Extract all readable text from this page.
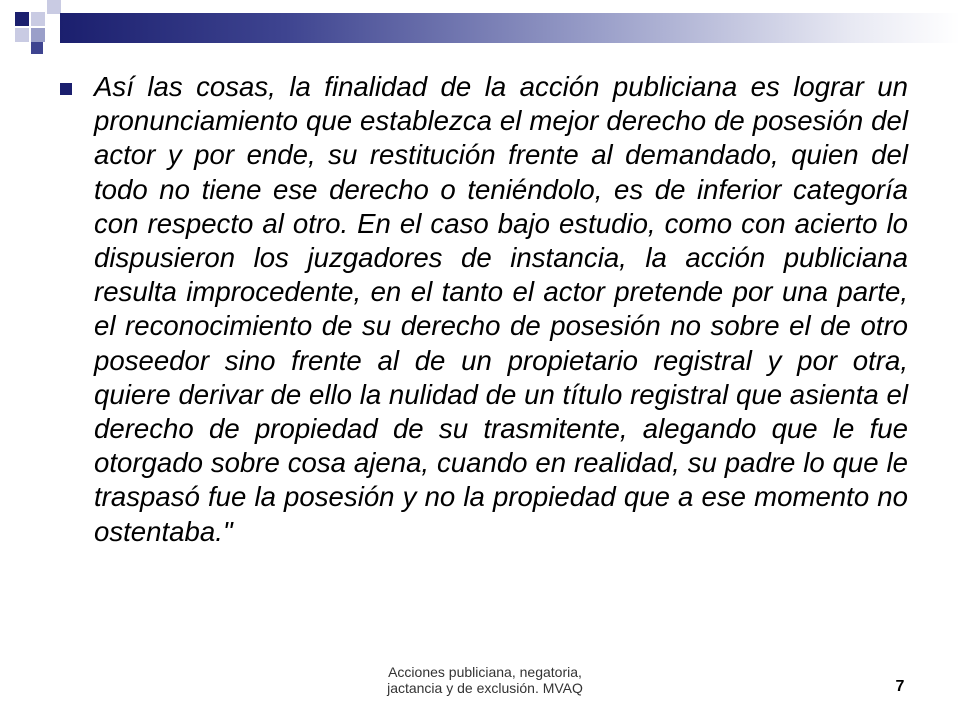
Así las cosas, la finalidad de la acción publiciana es lograr un pronunciamiento que establezca el mejor derecho de posesión del actor y por ende, su restitución frente al demandado, quien del todo no tiene ese derecho o teniéndolo, es de inferior categoría con respecto al otro. En el caso bajo estudio, como con acierto lo dispusieron los juzgadores de instancia, la acción publiciana resulta improcedente, en el tanto el actor pretende por una parte, el reconocimiento de su derecho de posesión no sobre el de otro poseedor sino frente al de un propietario registral y por otra, quiere derivar de ello la nulidad de un título registral que asienta el derecho de propiedad de su trasmitente, alegando que le fue otorgado sobre cosa ajena, cuando en realidad, su padre lo que le traspasó fue la posesión y no la propiedad que a ese momento no ostentaba."

Acciones publiciana, negatoria,
jactancia y de exclusión. MVAQ	7
